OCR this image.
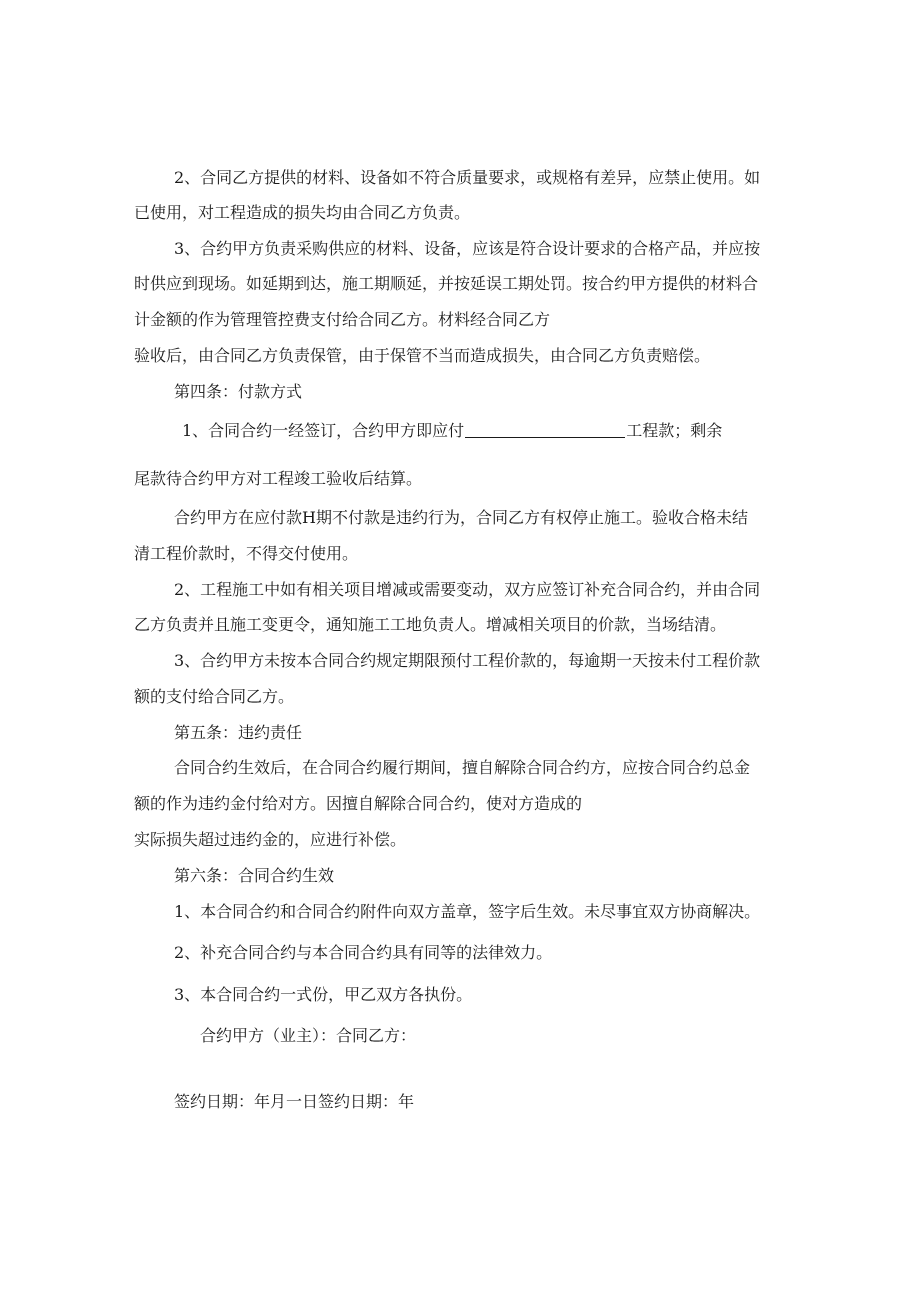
2、合同乙方提供的材料、设备如不符合质量要求，或规格有差异，应禁止使用。如

已使用，对工程造成的损失均由合同乙方负责。

3、合约甲方负责采购供应的材料、设备，应该是符合设计要求的合格产品，并应按

时供应到现场。如延期到达，施工期顺延，并按延误工期处罚。按合约甲方提供的材料合

计金额的作为管理管控费支付给合同乙方。材料经合同乙方

验收后，由合同乙方负责保管，由于保管不当而造成损失，由合同乙方负责赔偿。

第四条：付款方式

1、合同合约一经签订，合约甲方即应付	工程款；剩余

尾款待合约甲方对工程竣工验收后结算。

合约甲方在应付款H期不付款是违约行为，合同乙方有权停止施工。验收合格未结

清工程价款时，不得交付使用。

2、工程施工中如有相关项目增减或需要变动，双方应签订补充合同合约，并由合同

乙方负责并且施工变更令，通知施工工地负责人。增减相关项目的价款，当场结清。

3、合约甲方未按本合同合约规定期限预付工程价款的，每逾期一天按未付工程价款

额的支付给合同乙方。

第五条：违约责任

合同合约生效后，在合同合约履行期间，擅自解除合同合约方，应按合同合约总金

额的作为违约金付给对方。因擅自解除合同合约，使对方造成的

实际损失超过违约金的，应进行补偿。

第六条：合同合约生效

1、本合同合约和合同合约附件向双方盖章，签字后生效。未尽事宜双方协商解决。

2、补充合同合约与本合同合约具有同等的法律效力。

3、本合同合约一式份，甲乙双方各执份。

合约甲方（业主）：合同乙方：

签约日期：年月一日签约日期：年
